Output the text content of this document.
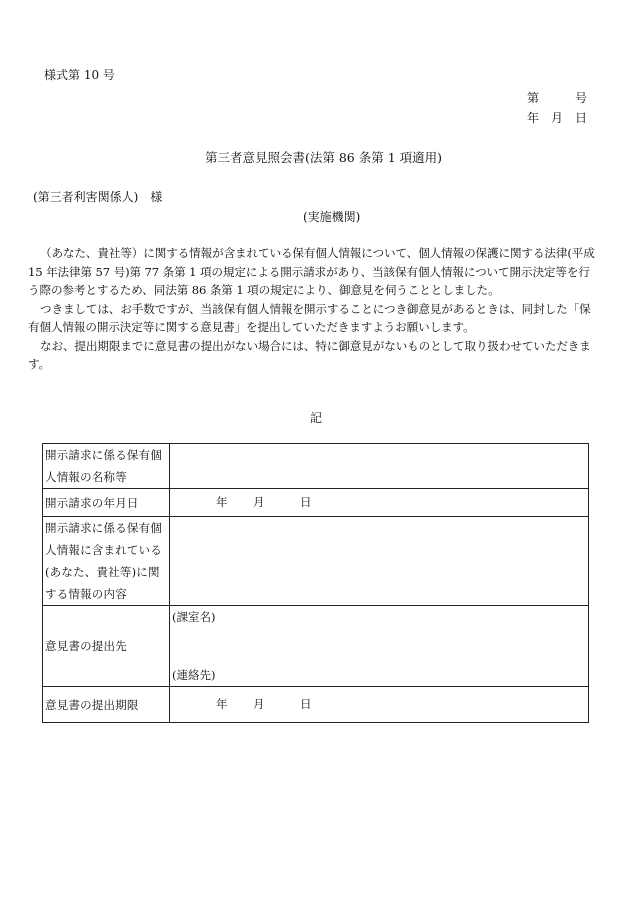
様式第 10 号
第　　　号
年　月　日
第三者意見照会書(法第 86 条第 1 項適用)
(第三者利害関係人)　様
(実施機関)

（あなた、貴社等）に関する情報が含まれている保有個人情報について、個人情報の保護に関する法律(平成 15 年法律第 57 号)第 77 条第 1 項の規定による開示請求があり、当該保有個人情報について開示決定等を行う際の参考とするため、同法第 86 条第 1 項の規定により、御意見を伺うこととしました。

つきましては、お手数ですが、当該保有個人情報を開示することにつき御意見があるときは、同封した「保有個人情報の開示決定等に関する意見書」を提出していただきますようお願いします。

なお、提出期限までに意見書の提出がない場合には、特に御意見がないものとして取り扱わせていただきます。

記
開示請求に係る保有個人情報の名称等	
開示請求の年月日	年 月 日

開示請求に係る保有個人情報に含まれている(あなた、貴社等)に関する情報の内容	
意見書の提出先	(課室名)
(連絡先)

意見書の提出期限	年 月 日
